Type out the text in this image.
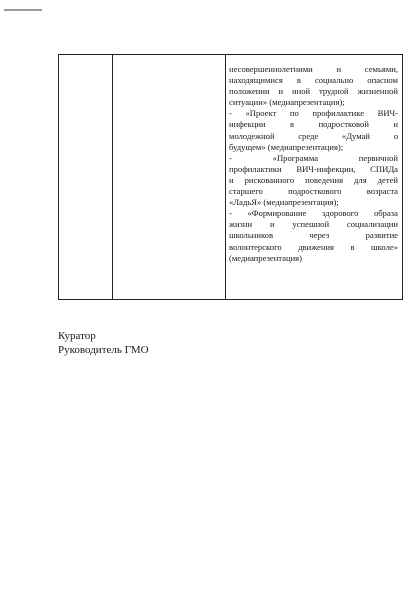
несовершеннолетними и семьями,
находящимися в социально опасном
положении и иной трудной жизненной
ситуации» (медиапрезентация);
- «Проект по профилактике ВИЧ-
инфекции в подростковой и
молодежной среде «Думай о
будущем» (медиапрезентация);
- «Программа первичной
профилактики ВИЧ-инфекции, СПИДа
и рискованного поведения для детей
старшего подросткового возраста
«ЛадьЯ» (медиапрезентация);
- «Формирование здорового образа
жизни и успешной социализации
школьников через развитие
волонтерского движения в школе»
(медиапрезентация)
Куратор
Руководитель ГМО
